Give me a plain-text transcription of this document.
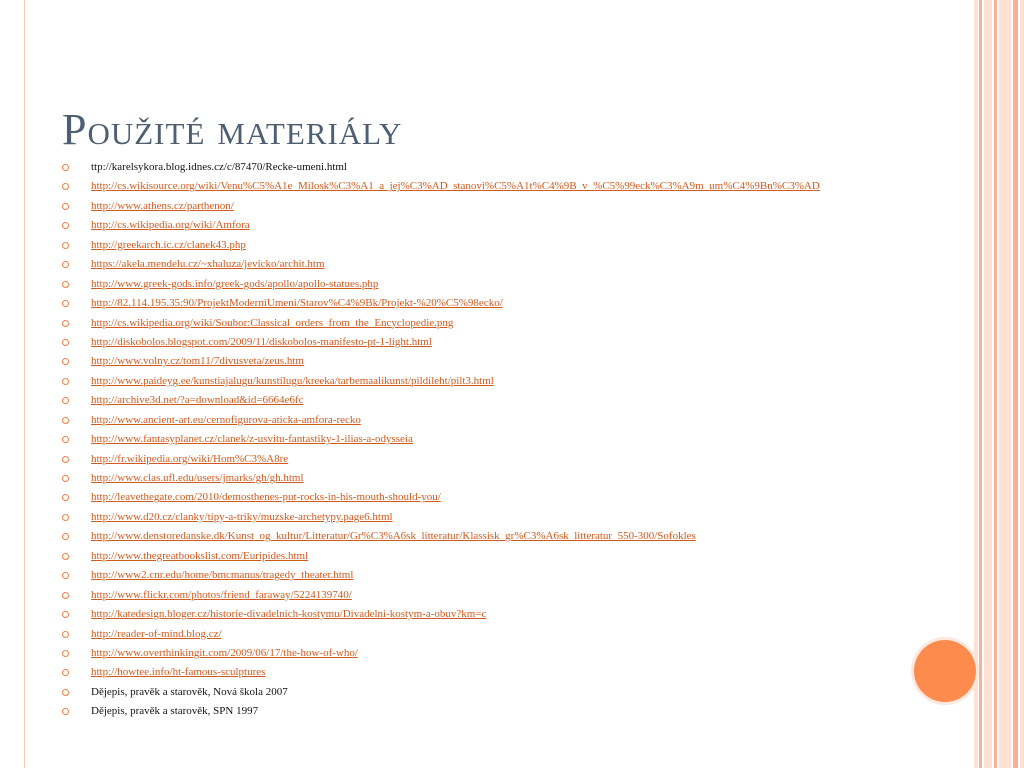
Použité materiály
ttp://karelsykora.blog.idnes.cz/c/87470/Recke-umeni.html
http://cs.wikisource.org/wiki/Venu%C5%A1e_Milosk%C3%A1_a_jej%C3%AD_stanovi%C5%A1t%C4%9B_v_%C5%99eck%C3%A9m_um%C4%9Bn%C3%AD
http://www.athens.cz/parthenon/
http://cs.wikipedia.org/wiki/Amfora
http://greekarch.ic.cz/clanek43.php
https://akela.mendelu.cz/~xhaluza/jevicko/archit.htm
http://www.greek-gods.info/greek-gods/apollo/apollo-statues.php
http://82.114.195.35:90/ProjektModerniUmeni/Starov%C4%9Bk/Projekt-%20%C5%98ecko/
http://cs.wikipedia.org/wiki/Soubor:Classical_orders_from_the_Encyclopedie.png
http://diskobolos.blogspot.com/2009/11/diskobolos-manifesto-pt-1-light.html
http://www.volny.cz/tom11/7divusveta/zeus.htm
http://www.paideyg.ee/kunstiajalugu/kunstilugu/kreeka/tarbemaalikunst/pildileht/pilt3.html
http://archive3d.net/?a=download&id=6664e6fc
http://www.ancient-art.eu/cernofigurova-aticka-amfora-recko
http://www.fantasyplanet.cz/clanek/z-usvitu-fantastiky-1-ilias-a-odysseia
http://fr.wikipedia.org/wiki/Hom%C3%A8re
http://www.clas.ufl.edu/users/jmarks/gh/gh.html
http://leavethegate.com/2010/demosthenes-put-rocks-in-his-mouth-should-you/
http://www.d20.cz/clanky/tipy-a-triky/muzske-archetypy.page6.html
http://www.denstoredanske.dk/Kunst_og_kultur/Litteratur/Gr%C3%A6sk_litteratur/Klassisk_gr%C3%A6sk_litteratur_550-300/Sofokles
http://www.thegreatbookslist.com/Euripides.html
http://www2.cnr.edu/home/bmcmanus/tragedy_theater.html
http://www.flickr.com/photos/friend_faraway/5224139740/
http://katedesign.bloger.cz/historie-divadelnich-kostymu/Divadelni-kostym-a-obuv?km=c
http://reader-of-mind.blog.cz/
http://www.overthinkingit.com/2009/06/17/the-how-of-who/
http://howtee.info/ht-famous-sculptures
Dějepis, pravěk a starověk, Nová škola 2007
Dějepis, pravěk a starověk, SPN 1997
